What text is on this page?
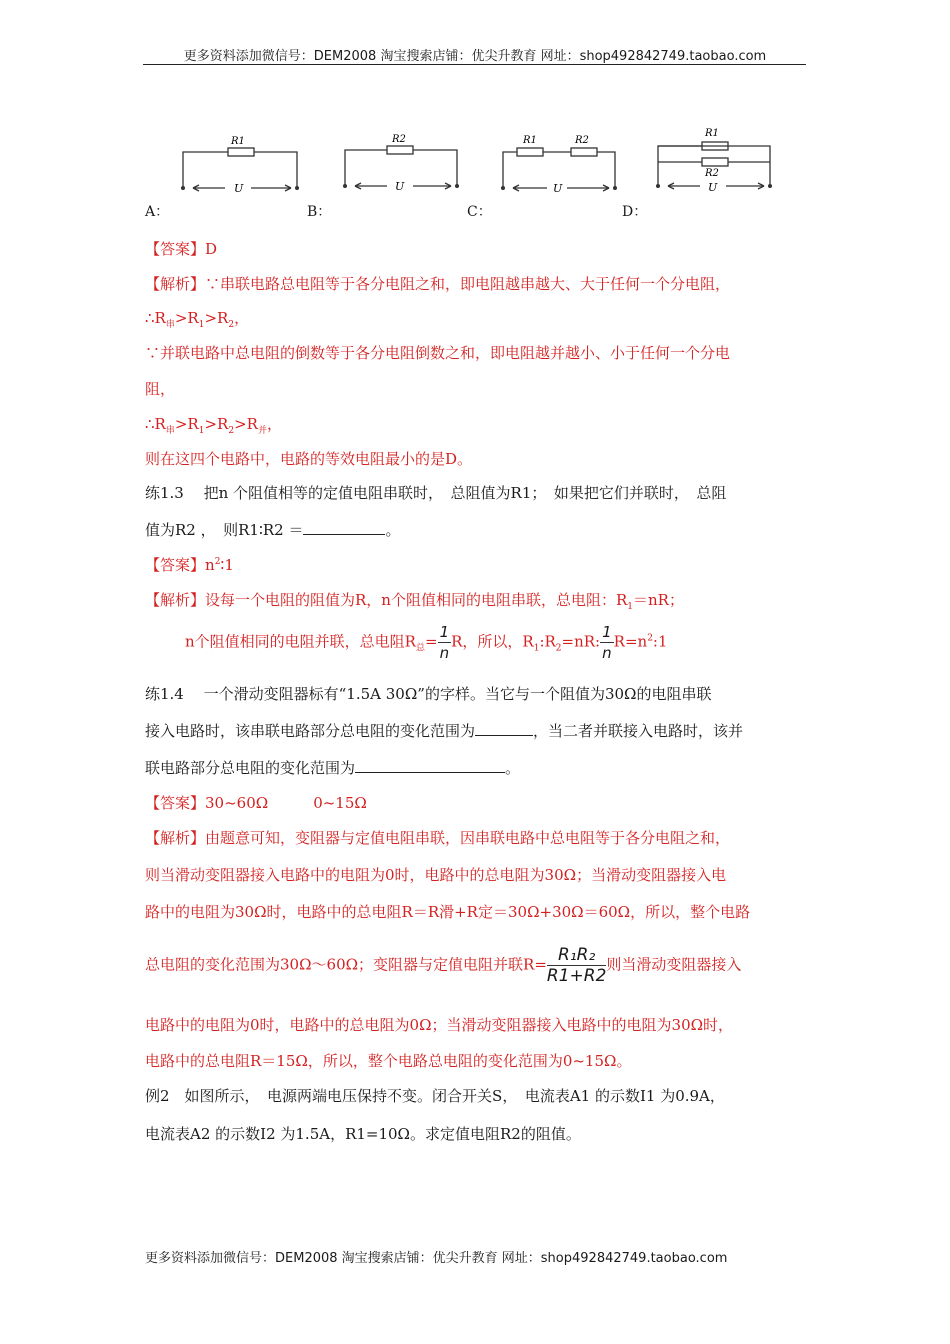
更多资料添加微信号：DEM2008 淘宝搜索店铺：优尖升教育 网址：shop492842749.taobao.com
R1
U
R2
U
R1	R2
U
R1
R2
U
A：	B：	C：	D：
【答案】D
【解析】∵串联电路总电阻等于各分电阻之和，即电阻越串越大、大于任何一个分电阻，
$\therefore R_串>R_1>R_2$，
∵并联电路中总电阻的倒数等于各分电阻倒数之和，即电阻越并越小、小于任何一个分电
阻，
$\therefore R_串>R_1>R_2>R_并$，
则在这四个电路中，电路的等效电阻最小的是D。
练1.3　 把n 个阻值相等的定值电阻串联时，　总阻值为R1；　如果把它们并联时，　总阻
值为R2 ，　则R1∶R2 ＝	。
【答案】$n^2∶1$
【解析】设每一个电阻的阻值为R，n个阻值相同的电阻串联，总电阻：$R_1=nR$；
n个阻值相同的电阻并联，总电阻$R_总= \frac{1}{n}$ R，所以，$R_1:R_2=nR$: $\frac{1}{n}$ $R=n^2:1$
练1.4　 一个滑动变阻器标有“1.5A 30Ω”的字样。当它与一个阻值为30Ω的电阻串联
接入电路时，该串联电路部分总电阻的变化范围为	，当二者并联接入电路时，该并
联电路部分总电阻的变化范围为	。
【答案】30~60Ω　　　0~15Ω
【解析】由题意可知，变阻器与定值电阻串联，因串联电路中总电阻等于各分电阻之和，
则当滑动变阻器接入电路中的电阻为0时，电路中的总电阻为30Ω；当滑动变阻器接入电
路中的电阻为30Ω时，电路中的总电阻R＝R滑+R定＝30Ω+30Ω＝60Ω，所以，整个电路
总电阻的变化范围为30Ω～60Ω；变阻器与定值电阻并联$R= \frac{\text{R₁R₂}}{R1+R2}$ 则当滑动变阻器接入
电路中的电阻为0时，电路中的总电阻为0Ω；当滑动变阻器接入电路中的电阻为30Ω时，
电路中的总电阻R＝15Ω，所以，整个电路总电阻的变化范围为0~15Ω。
例2　如图所示，　电源两端电压保持不变。闭合开关S，　电流表A1 的示数I1 为0.9A，
电流表A2 的示数I2 为1.5A，R1=10Ω。求定值电阻R2的阻值。
更多资料添加微信号：DEM2008 淘宝搜索店铺：优尖升教育 网址：shop492842749.taobao.com
